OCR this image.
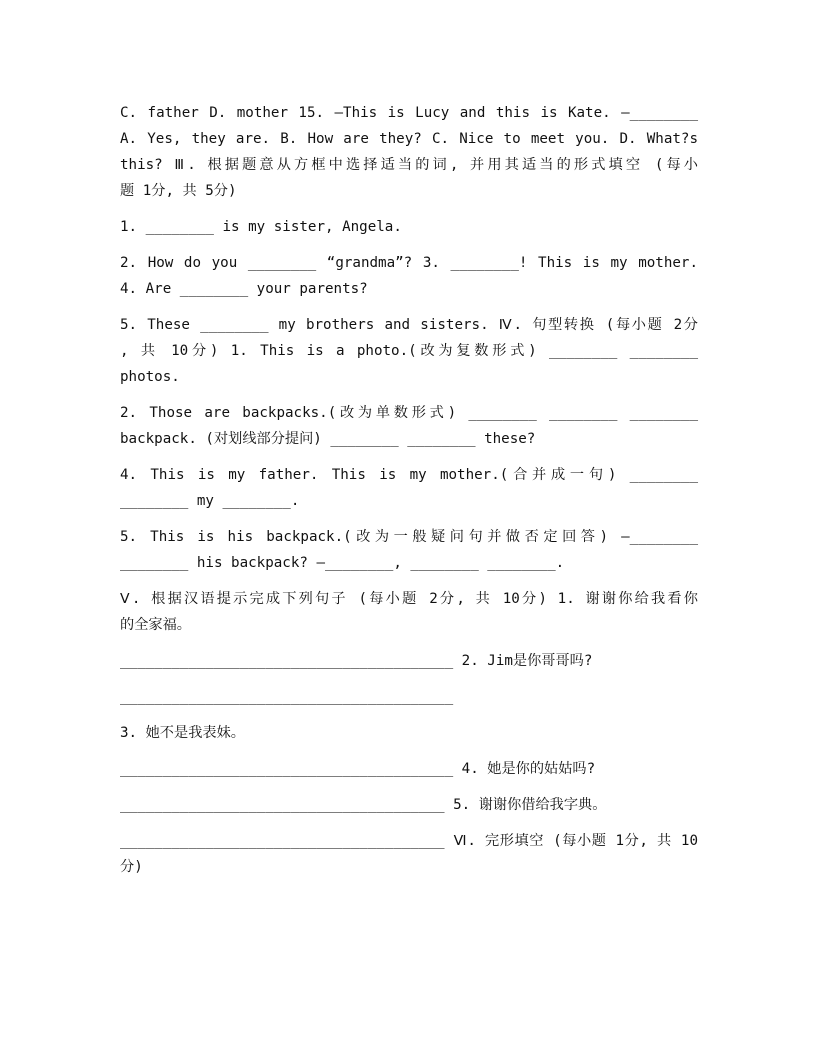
C. father D. mother 15. —This is Lucy and this is Kate. —________
A. Yes, they are. B. How are they? C. Nice to meet you. D. What?s
this? Ⅲ. 根据题意从方框中选择适当的词, 并用其适当的形式填空 (每小
题 1分, 共 5分)

1. ________ is my sister, Angela.

2. How do you ________ “grandma”? 3. ________! This is my mother.
4. Are ________ your parents?

5. These ________ my brothers and sisters. Ⅳ. 句型转换 (每小题 2分
, 共 10分) 1. This is a photo.(改为复数形式) ________ ________
photos.

2. Those are backpacks.(改为单数形式) ________ ________ ________
backpack. (对划线部分提问) ________ ________ these?

4. This is my father. This is my mother.(合并成一句) ________
________ my ________.

5. This is his backpack.(改为一般疑问句并做否定回答) —________
________ his backpack? —________, ________ ________.

Ⅴ. 根据汉语提示完成下列句子 (每小题 2分, 共 10分) 1. 谢谢你给我看你
的全家福。

_______________________________________ 2. Jim是你哥哥吗?

_______________________________________

3. 她不是我表妹。

_______________________________________ 4. 她是你的姑姑吗?

______________________________________ 5. 谢谢你借给我字典。

______________________________________ Ⅵ. 完形填空 (每小题 1分, 共 10
分)
